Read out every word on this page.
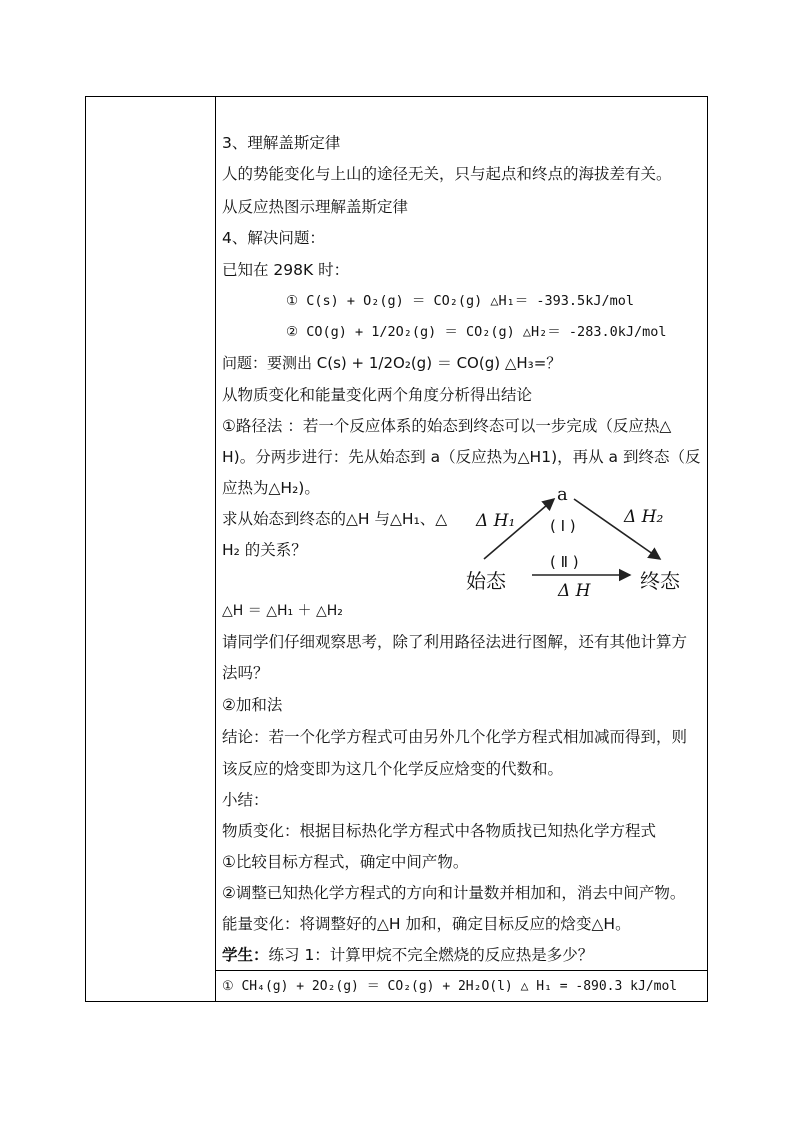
3、理解盖斯定律
人的势能变化与上山的途径无关，只与起点和终点的海拔差有关。
从反应热图示理解盖斯定律
4、解决问题：
已知在 298K 时：
① C(s) + O₂(g) ＝ CO₂(g) △H₁＝ -393.5kJ/mol
② CO(g) + 1/2O₂(g) ＝ CO₂(g) △H₂＝ -283.0kJ/mol
问题：要测出 C(s) + 1/2O₂(g) ＝ CO(g) △H₃=？
从物质变化和能量变化两个角度分析得出结论
①路径法 ：若一个反应体系的始态到终态可以一步完成（反应热△
H)。分两步进行：先从始态到 a（反应热为△H1)，再从 a 到终态（反
应热为△H₂)。
求从始态到终态的△H 与△H₁、△
H₂ 的关系？
△H ＝ △H₁ ＋ △H₂
请同学们仔细观察思考，除了利用路径法进行图解，还有其他计算方
法吗？
②加和法
结论：若一个化学方程式可由另外几个化学方程式相加减而得到，则
该反应的焓变即为这几个化学反应焓变的代数和。
小结：
物质变化：根据目标热化学方程式中各物质找已知热化学方程式
①比较目标方程式，确定中间产物。
②调整已知热化学方程式的方向和计量数并相加和，消去中间产物。
能量变化：将调整好的△H 加和，确定目标反应的焓变△H。
学生：练习 1：计算甲烷不完全燃烧的反应热是多少？
① CH₄(g) + 2O₂(g) ＝ CO₂(g) + 2H₂O(l) △ H₁ = -890.3 kJ/mol
a
Δ H₁	Δ H₂
( Ⅰ )
( Ⅱ )
始态	终态
Δ H
